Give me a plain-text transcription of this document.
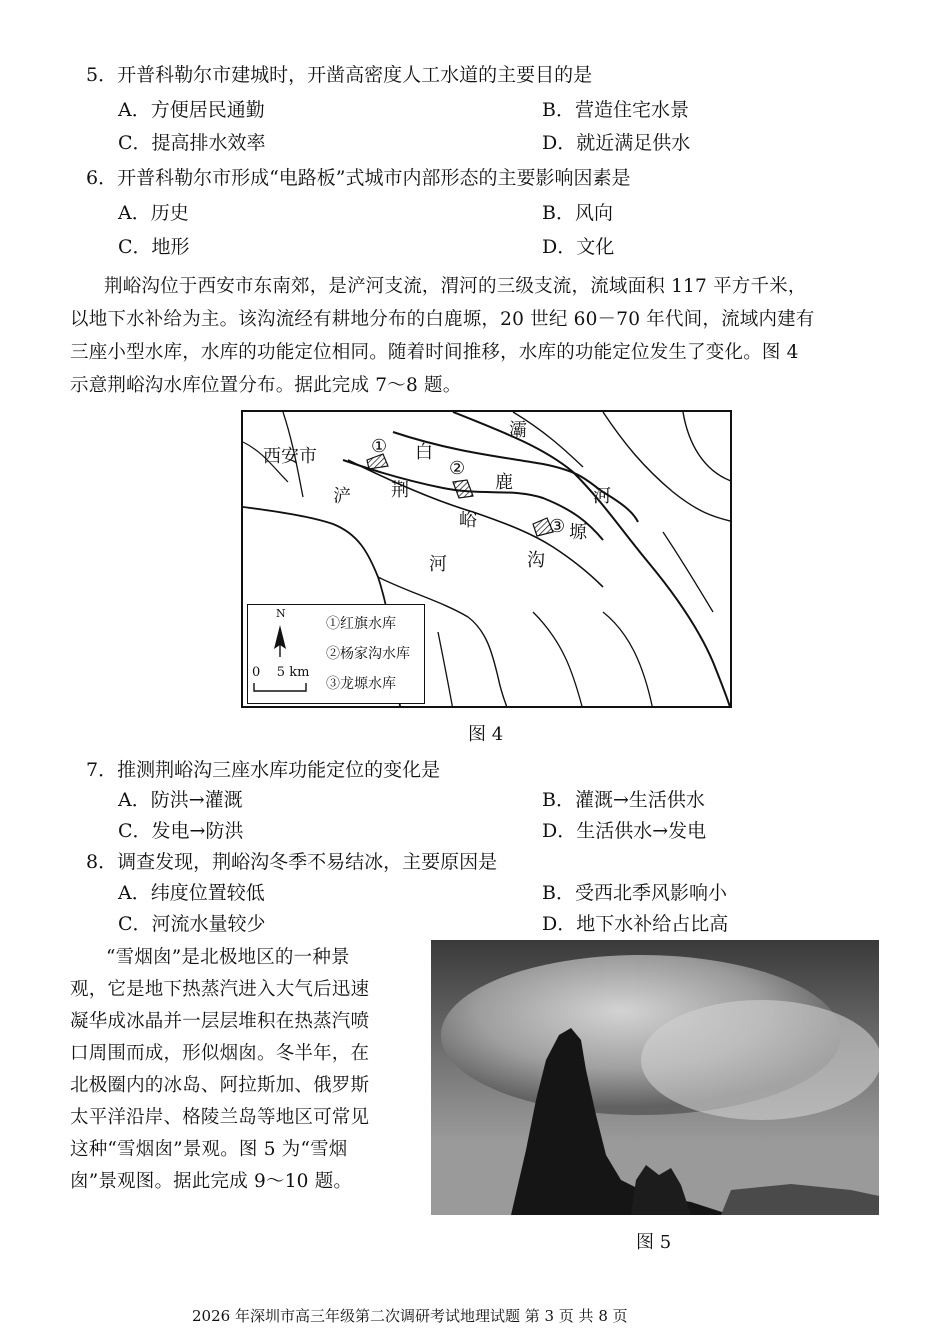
5．开普科勒尔市建城时，开凿高密度人工水道的主要目的是
A．方便居民通勤	B．营造住宅水景
C．提高排水效率	D．就近满足供水
6．开普科勒尔市形成“电路板”式城市内部形态的主要影响因素是
A．历史	B．风向
C．地形	D．文化
荆峪沟位于西安市东南郊，是浐河支流，渭河的三级支流，流域面积 117 平方千米，
以地下水补给为主。该沟流经有耕地分布的白鹿塬，20 世纪 60－70 年代间，流域内建有
三座小型水库，水库的功能定位相同。随着时间推移，水库的功能定位发生了变化。图 4
示意荆峪沟水库位置分布。据此完成 7～8 题。
西安市	① 白
②
鹿
③ 塬
灞
河
浐
河
荆
峪
沟
N
0    5 km
①红旗水库
②杨家沟水库
③龙塬水库
图 4
7．推测荆峪沟三座水库功能定位的变化是
A．防洪→灌溉	B．灌溉→生活供水
C．发电→防洪	D．生活供水→发电
8．调查发现，荆峪沟冬季不易结冰，主要原因是
A．纬度位置较低	B．受西北季风影响小
C．河流水量较少	D．地下水补给占比高
“雪烟囱”是北极地区的一种景
观，它是地下热蒸汽进入大气后迅速
凝华成冰晶并一层层堆积在热蒸汽喷
口周围而成，形似烟囱。冬半年，在
北极圈内的冰岛、阿拉斯加、俄罗斯
太平洋沿岸、格陵兰岛等地区可常见
这种“雪烟囱”景观。图 5 为“雪烟
囱”景观图。据此完成 9～10 题。
图 5
2026 年深圳市高三年级第二次调研考试地理试题 第 3 页 共 8 页
